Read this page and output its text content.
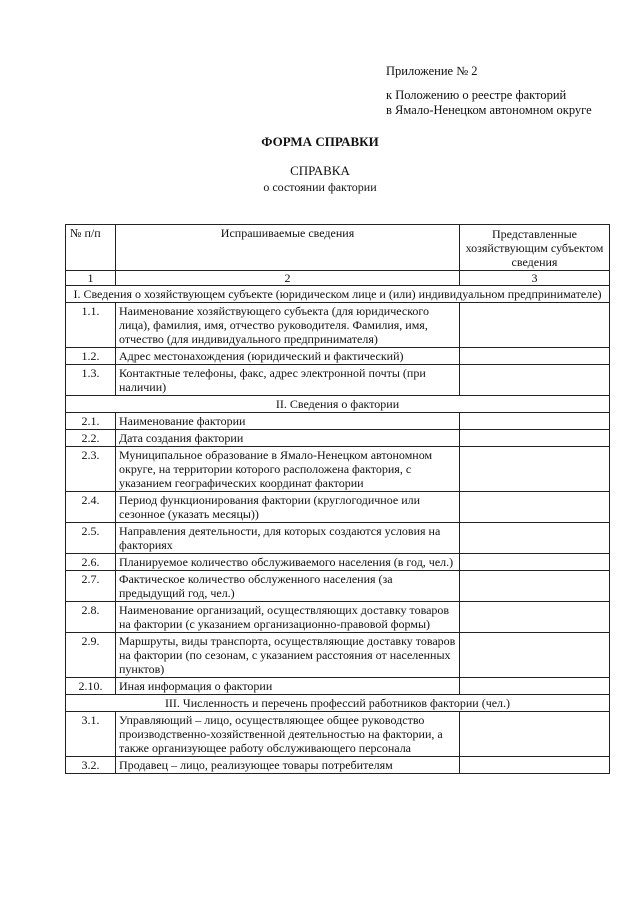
Приложение № 2
к Положению о реестре факторий
в Ямало-Ненецком автономном округе
ФОРМА СПРАВКИ
СПРАВКА
о состоянии фактории
№ п/п	Испрашиваемые сведения	Представленные хозяйствующим субъектом сведения
1	2	3
I. Сведения о хозяйствующем субъекте (юридическом лице и (или) индивидуальном предпринимателе)		
1.1.	Наименование хозяйствующего субъекта (для юридического лица), фамилия, имя, отчество руководителя. Фамилия, имя, отчество (для индивидуального предпринимателя)	
1.2.	Адрес местонахождения (юридический и фактический)	
1.3.	Контактные телефоны, факс, адрес электронной почты (при наличии)	
II. Сведения о фактории		
2.1.	Наименование фактории	
2.2.	Дата создания фактории	
2.3.	Муниципальное образование в Ямало-Ненецком автономном округе, на территории которого расположена фактория, с указанием географических координат фактории	
2.4.	Период функционирования фактории (круглогодичное или сезонное (указать месяцы))	
2.5.	Направления деятельности, для которых создаются условия на факториях	
2.6.	Планируемое количество обслуживаемого населения (в год, чел.)	
2.7.	Фактическое количество обслуженного населения (за предыдущий год, чел.)	
2.8.	Наименование организаций, осуществляющих доставку товаров на фактории (с указанием организационно-правовой формы)	
2.9.	Маршруты, виды транспорта, осуществляющие доставку товаров на фактории (по сезонам, с указанием расстояния от населенных пунктов)	
2.10.	Иная информация о фактории	
III. Численность и перечень профессий работников фактории (чел.)		
3.1.	Управляющий – лицо, осуществляющее общее руководство производственно-хозяйственной деятельностью на фактории, а также организующее работу обслуживающего персонала	
3.2.	Продавец – лицо, реализующее товары потребителям	
